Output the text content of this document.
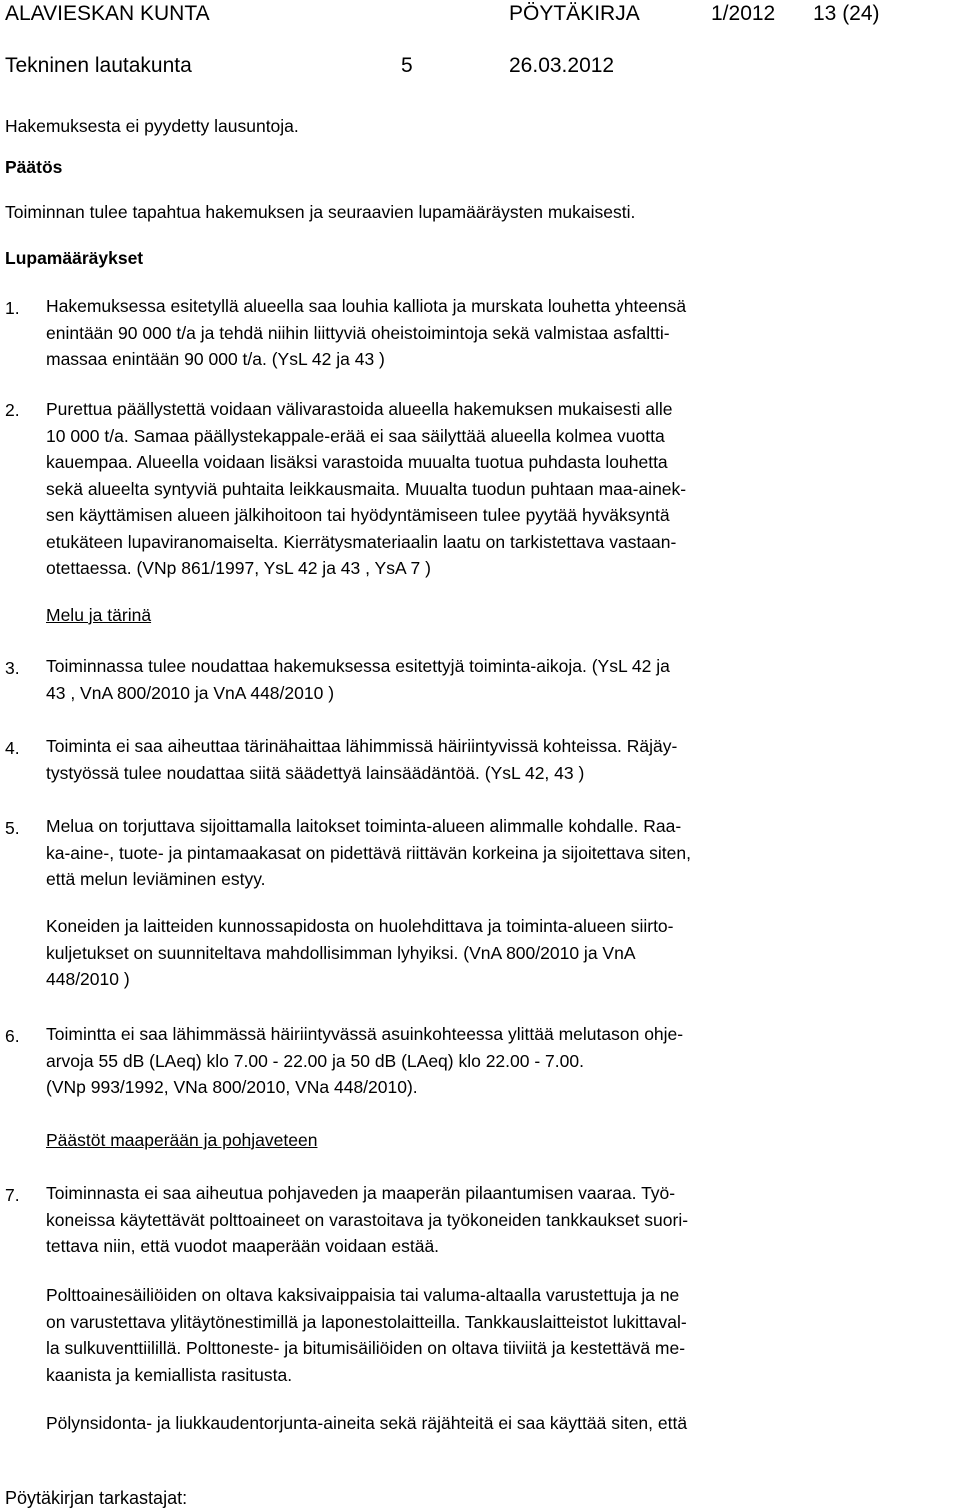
ALAVIESKAN KUNTA	PÖYTÄKIRJA	1/2012 13 (24)
Tekninen lautakunta	5	26.03.2012
Hakemuksesta ei pyydetty lausuntoja.
Päätös
Toiminnan tulee tapahtua hakemuksen ja seuraavien lupamääräysten mukaisesti.
Lupamääräykset
1. Hakemuksessa esitetyllä alueella saa louhia kalliota ja murskata louhetta yhteensä
enintään 90 000 t/a ja tehdä niihin liittyviä oheistoimintoja sekä valmistaa asfaltti-
massaa enintään 90 000 t/a. (YsL 42 ja 43 )
2. Purettua päällystettä voidaan välivarastoida alueella hakemuksen mukaisesti alle
10 000 t/a. Samaa päällystekappale-erää ei saa säilyttää alueella kolmea vuotta
kauempaa. Alueella voidaan lisäksi varastoida muualta tuotua puhdasta louhetta
sekä alueelta syntyviä puhtaita leikkausmaita. Muualta tuodun puhtaan maa-ainek-
sen käyttämisen alueen jälkihoitoon tai hyödyntämiseen tulee pyytää hyväksyntä
etukäteen lupaviranomaiselta. Kierrätysmateriaalin laatu on tarkistettava vastaan-
otettaessa. (VNp 861/1997, YsL 42 ja 43 , YsA 7 )
Melu ja tärinä
3. Toiminnassa tulee noudattaa hakemuksessa esitettyjä toiminta-aikoja. (YsL 42 ja
43 , VnA 800/2010 ja VnA 448/2010 )
4. Toiminta ei saa aiheuttaa tärinähaittaa lähimmissä häiriintyvissä kohteissa. Räjäy-
tystyössä tulee noudattaa siitä säädettyä lainsäädäntöä. (YsL 42, 43 )
5. Melua on torjuttava sijoittamalla laitokset toiminta-alueen alimmalle kohdalle. Raa-
ka-aine-, tuote- ja pintamaakasat on pidettävä riittävän korkeina ja sijoitettava siten,
että melun leviäminen estyy.
Koneiden ja laitteiden kunnossapidosta on huolehdittava ja toiminta-alueen siirto-
kuljetukset on suunniteltava mahdollisimman lyhyiksi. (VnA 800/2010 ja VnA
448/2010 )
6. Toimintta ei saa lähimmässä häiriintyvässä asuinkohteessa ylittää melutason ohje-
arvoja 55 dB (LAeq) klo 7.00 - 22.00 ja 50 dB (LAeq) klo 22.00 - 7.00.
(VNp 993/1992, VNa 800/2010, VNa 448/2010).
Päästöt maaperään ja pohjaveteen
7. Toiminnasta ei saa aiheutua pohjaveden ja maaperän pilaantumisen vaaraa. Työ-
koneissa käytettävät polttoaineet on varastoitava ja työkoneiden tankkaukset suori-
tettava niin, että vuodot maaperään voidaan estää.
Polttoainesäiliöiden on oltava kaksivaippaisia tai valuma-altaalla varustettuja ja ne
on varustettava ylitäytönestimillä ja laponestolaitteilla. Tankkauslaitteistot lukittaval-
la sulkuventtiilillä. Polttoneste- ja bitumisäiliöiden on oltava tiiviitä ja kestettävä me-
kaanista ja kemiallista rasitusta.
Pölynsidonta- ja liukkaudentorjunta-aineita sekä räjähteitä ei saa käyttää siten, että
Pöytäkirjan tarkastajat:
